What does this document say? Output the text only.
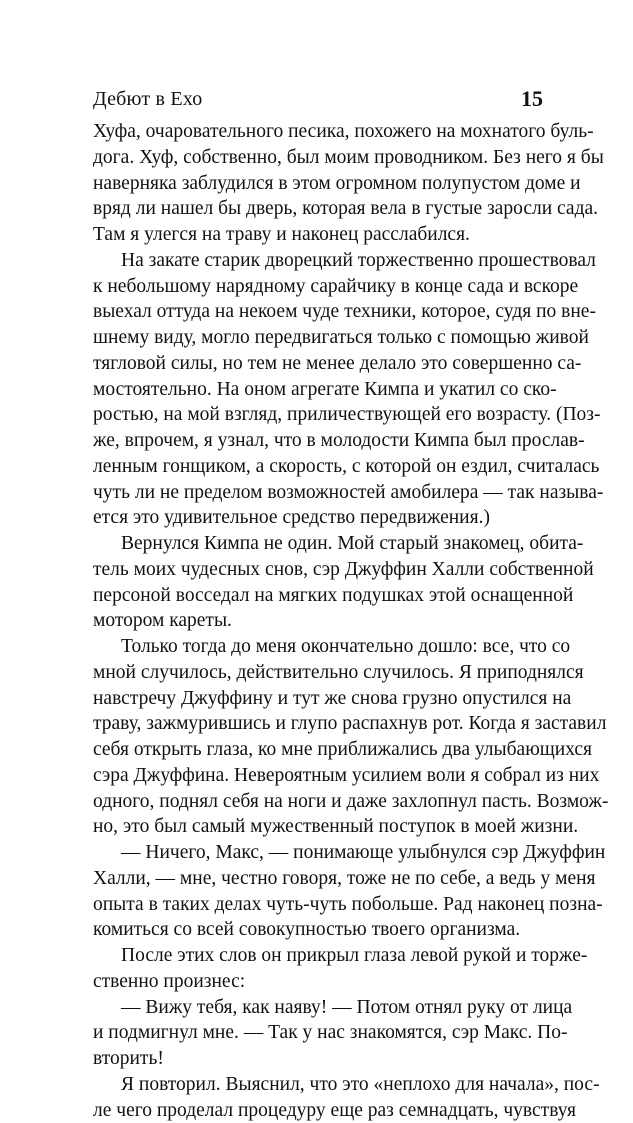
Дебют в Ехо	15
Хуфа, очаровательного песика, похожего на мохнатого буль-
дога. Хуф, собственно, был моим проводником. Без него я бы
наверняка заблудился в этом огромном полупустом доме и
вряд ли нашел бы дверь, которая вела в густые заросли сада.
Там я улегся на траву и наконец расслабился.
На закате старик дворецкий торжественно прошествовал
к небольшому нарядному сарайчику в конце сада и вскоре
выехал оттуда на некоем чуде техники, которое, судя по вне-
шнему виду, могло передвигаться только с помощью живой
тягловой силы, но тем не менее делало это совершенно са-
мостоятельно. На оном агрегате Кимпа и укатил со ско-
ростью, на мой взгляд, приличествующей его возрасту. (Поз-
же, впрочем, я узнал, что в молодости Кимпа был прослав-
ленным гонщиком, а скорость, с которой он ездил, считалась
чуть ли не пределом возможностей амобилера — так называ-
ется это удивительное средство передвижения.)
Вернулся Кимпа не один. Мой старый знакомец, обита-
тель моих чудесных снов, сэр Джуффин Халли собственной
персоной восседал на мягких подушках этой оснащенной
мотором кареты.
Только тогда до меня окончательно дошло: все, что со
мной случилось, действительно случилось. Я приподнялся
навстречу Джуффину и тут же снова грузно опустился на
траву, зажмурившись и глупо распахнув рот. Когда я заставил
себя открыть глаза, ко мне приближались два улыбающихся
сэра Джуффина. Невероятным усилием воли я собрал из них
одного, поднял себя на ноги и даже захлопнул пасть. Возмож-
но, это был самый мужественный поступок в моей жизни.
— Ничего, Макс, — понимающе улыбнулся сэр Джуффин
Халли, — мне, честно говоря, тоже не по себе, а ведь у меня
опыта в таких делах чуть-чуть побольше. Рад наконец позна-
комиться со всей совокупностью твоего организма.
После этих слов он прикрыл глаза левой рукой и торже-
ственно произнес:
— Вижу тебя, как наяву! — Потом отнял руку от лица
и подмигнул мне. — Так у нас знакомятся, сэр Макс. По-
вторить!
Я повторил. Выяснил, что это «неплохо для начала», пос-
ле чего проделал процедуру еще раз семнадцать, чувствуя
